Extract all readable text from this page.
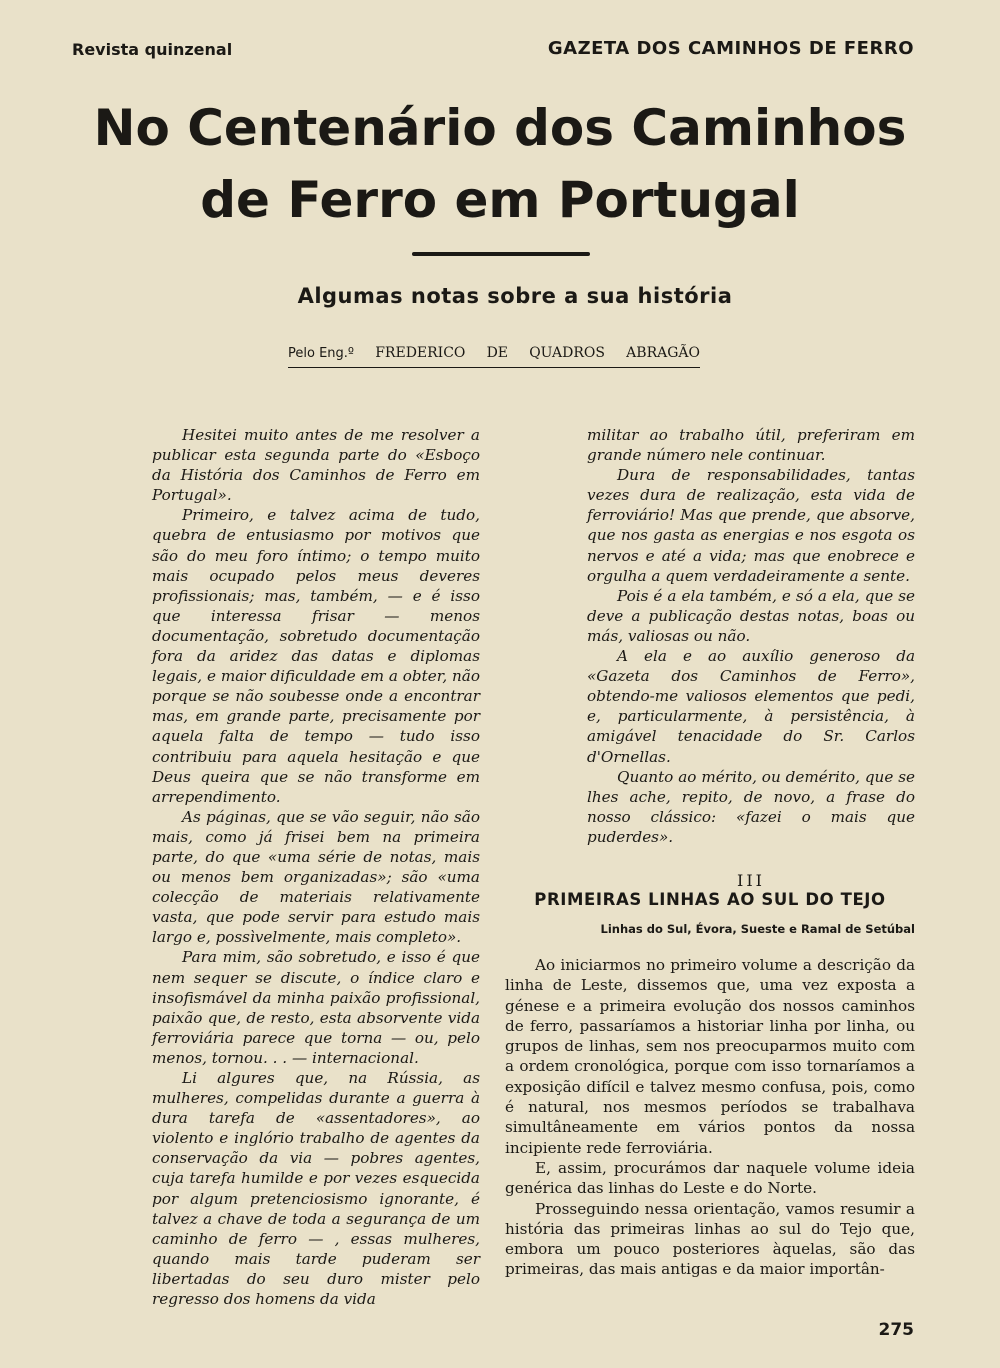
Revista quinzenal	GAZETA DOS CAMINHOS DE FERRO
No Centenário dos Caminhos
de Ferro em Portugal
Algumas notas sobre a sua história
Pelo Eng.º FREDERICO DE QUADROS ABRAGÃO

Hesitei muito antes de me resolver a publicar esta segunda parte do «Esboço da História dos Caminhos de Ferro em Portugal».

Primeiro, e talvez acima de tudo, quebra de entusiasmo por motivos que são do meu foro íntimo; o tempo muito mais ocupado pelos meus deveres profissionais; mas, também, — e é isso que interessa frisar — menos documentação, sobretudo documentação fora da aridez das datas e diplomas legais, e maior dificuldade em a obter, não porque se não soubesse onde a encontrar mas, em grande parte, precisamente por aquela falta de tempo — tudo isso contribuiu para aquela hesitação e que Deus queira que se não transforme em arrependimento.

As páginas, que se vão seguir, não são mais, como já frisei bem na primeira parte, do que «uma série de notas, mais ou menos bem organizadas»; são «uma colecção de materiais relativamente vasta, que pode servir para estudo mais largo e, possìvelmente, mais completo».

Para mim, são sobretudo, e isso é que nem sequer se discute, o índice claro e insofismável da minha paixão profissional, paixão que, de resto, esta absorvente vida ferroviária parece que torna — ou, pelo menos, tornou. . . — internacional.

Li algures que, na Rússia, as mulheres, compelidas durante a guerra à dura tarefa de «assentadores», ao violento e inglório trabalho de agentes da conservação da via — pobres agentes, cuja tarefa humilde e por vezes esquecida por algum pretenciosismo ignorante, é talvez a chave de toda a segurança de um caminho de ferro — , essas mulheres, quando mais tarde puderam ser libertadas do seu duro mister pelo regresso dos homens da vida

militar ao trabalho útil, preferiram em grande número nele continuar.

Dura de responsabilidades, tantas vezes dura de realização, esta vida de ferroviário! Mas que prende, que absorve, que nos gasta as energias e nos esgota os nervos e até a vida; mas que enobrece e orgulha a quem verdadeiramente a sente.

Pois é a ela também, e só a ela, que se deve a publicação destas notas, boas ou más, valiosas ou não.

A ela e ao auxílio generoso da «Gazeta dos Caminhos de Ferro», obtendo-me valiosos elementos que pedi, e, particularmente, à persistência, à amigável tenacidade do Sr. Carlos d'Ornellas.

Quanto ao mérito, ou demérito, que se lhes ache, repito, de novo, a frase do nosso clássico: «fazei o mais que puderdes».

III
PRIMEIRAS LINHAS AO SUL DO TEJO
Linhas do Sul, Évora, Sueste e Ramal de Setúbal

Ao iniciarmos no primeiro volume a descrição da linha de Leste, dissemos que, uma vez exposta a génese e a primeira evolução dos nossos caminhos de ferro, passaríamos a historiar linha por linha, ou grupos de linhas, sem nos preocuparmos muito com a ordem cronológica, porque com isso tornaríamos a exposição difícil e talvez mesmo confusa, pois, como é natural, nos mesmos períodos se trabalhava simultâneamente em vários pontos da nossa incipiente rede ferroviária.

E, assim, procurámos dar naquele volume ideia genérica das linhas do Leste e do Norte.

Prosseguindo nessa orientação, vamos resumir a história das primeiras linhas ao sul do Tejo que, embora um pouco posteriores àquelas, são das primeiras, das mais antigas e da maior importân-

275
